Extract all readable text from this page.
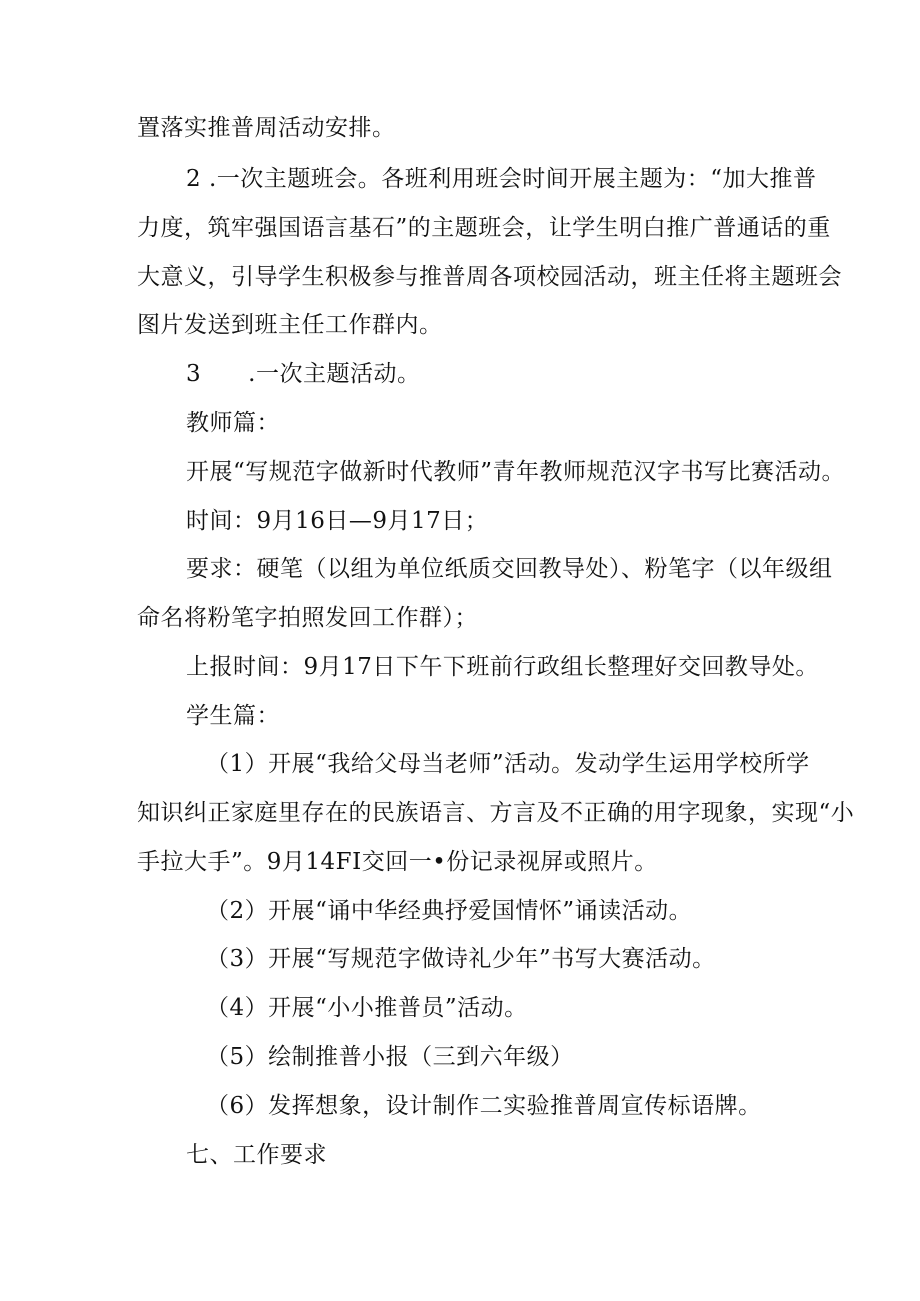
置落实推普周活动安排。
2 .一次主题班会。各班利用班会时间开展主题为：“加大推普
力度，筑牢强国语言基石”的主题班会，让学生明白推广普通话的重
大意义，引导学生积极参与推普周各项校园活动，班主任将主题班会
图片发送到班主任工作群内。
3　　.一次主题活动。
教师篇：
开展“写规范字做新时代教师”青年教师规范汉字书写比赛活动。
时间：9月16日—9月17日；
要求：硬笔（以组为单位纸质交回教导处）、粉笔字（以年级组
命名将粉笔字拍照发回工作群）；
上报时间：9月17日下午下班前行政组长整理好交回教导处。
学生篇：
（1）开展“我给父母当老师”活动。发动学生运用学校所学
知识纠正家庭里存在的民族语言、方言及不正确的用字现象，实现“小
手拉大手”。9月14FI交回一•份记录视屏或照片。
（2）开展“诵中华经典抒爱国情怀”诵读活动。
（3）开展“写规范字做诗礼少年”书写大赛活动。
（4）开展“小小推普员”活动。
（5）绘制推普小报（三到六年级）
（6）发挥想象，设计制作二实验推普周宣传标语牌。
七、工作要求
